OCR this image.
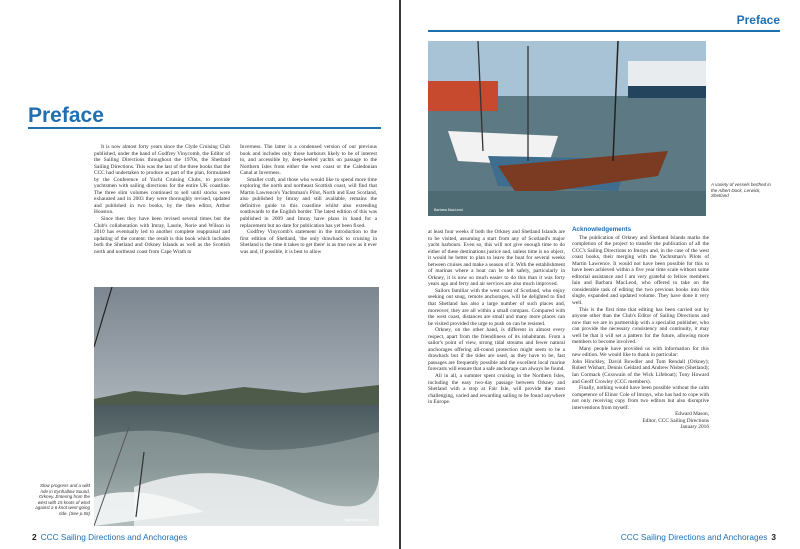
Preface

It is now almost forty years since the Clyde Cruising Club published, under the hand of Godfrey Vinycomb, the Editor of the Sailing Directions throughout the 1970s, the Shetland Sailing Directions. This was the last of the three books that the CCC had undertaken to produce as part of the plan, formulated by the Conference of Yacht Cruising Clubs, to provide yachtsmen with sailing directions for the entire UK coastline. The three slim volumes continued to sell until stocks were exhausted and in 2003 they were thoroughly revised, updated and published in two books, by the then editor, Arthur Houston.

Since then they have been revised several times but the Club's collaboration with Imray, Laurie, Norie and Wilson in 2010 has eventually led to another complete reappraisal and updating of the content: the result is this book which includes both the Shetland and Orkney Islands as well as the Scottish north and northeast coast from Cape Wrath to

Inverness. The latter is a condensed version of our previous book and includes only those harbours likely to be of interest to, and accessible by, deep-keeled yachts on passage to the Northern Isles from either the west coast or the Caledonian Canal at Inverness.

Smaller craft, and those who would like to spend more time exploring the north and northeast Scottish coast, will find that Martin Lawrence's Yachtsman's Pilot, North and East Scotland, also published by Imray and still available, remains the definitive guide to this coastline whilst also extending southwards to the English border. The latest edition of this was published in 2009 and Imray have plans in hand for a replacement but no date for publication has yet been fixed.

Godfrey Vinycomb's statement in the introduction to the first edition of Shetland, 'the only drawback to cruising in Shetland is the time it takes to get there' is as true now as it ever was and, if possible, it is best to allow

Barrie Maxwell
Slow progress and a wild ride in Eynhallow Sound, Orkney. Entering from the west with 15 knots of wind against a 6 knot west-going tide. (See p.56)
2 CCC Sailing Directions and Anchorages
Preface
Barbara MacLeod
A variety of vessels berthed in the Albert Dock, Lerwick, Shetland

at least four weeks if both the Orkney and Shetland Islands are to be visited, assuming a start from any of Scotland's major yacht harbours. Even so, this will not give enough time to do either of these destinations justice and, unless time is no object, it would be better to plan to leave the boat for several weeks between cruises and make a season of it. With the establishment of marinas where a boat can be left safely, particularly in Orkney, it is now so much easier to do this than it was forty years ago and ferry and air services are also much improved.

Sailors familiar with the west coast of Scotland, who enjoy seeking out snug, remote anchorages, will be delighted to find that Shetland has also a large number of such places and, moreover, they are all within a small compass. Compared with the west coast, distances are small and many more places can be visited provided the urge to push on can be resisted.

Orkney, on the other hand, is different in almost every respect, apart from the friendliness of its inhabitants. From a sailor's point of view, strong tidal streams and fewer natural anchorages offering all-round protection might seem to be a drawback but if the tides are used, as they have to be, fast passages are frequently possible and the excellent local marine forecasts will ensure that a safe anchorage can always be found.

All in all, a summer spent cruising in the Northern Isles, including the easy two-day passage between Orkney and Shetland with a stop at Fair Isle, will provide the most challenging, varied and rewarding sailing to be found anywhere in Europe.

Acknowledgements

The publication of Orkney and Shetland Islands marks the completion of the project to transfer the publication of all the CCC's Sailing Directions to Imrays and, in the case of the west coast books, their merging with the Yachtsman's Pilots of Martin Lawrence. It would not have been possible for this to have been achieved within a five year time scale without some editorial assistance and I am very grateful to fellow members Iain and Barbara MacLeod, who offered to take on the considerable task of editing the two previous books into this single, expanded and updated volume. They have done it very well.

This is the first time that editing has been carried out by anyone other than the Club's Editor of Sailing Directions and now that we are in partnership with a specialist publisher, who can provide the necessary consistency and continuity, it may well be that it will set a pattern for the future, allowing more members to become involved.

Many people have provided us with information for this new edition. We would like to thank in particular:

John Hinckley, David Bowdler and Tom Rendall (Orkney); Robert Wishart, Dennis Geldard and Andrew Nisbet (Shetland); Ian Cormack (Coxswain of the Wick Lifeboat); Tony Howard and Geoff Crowley (CCC members).

Finally, nothing would have been possible without the calm competence of Elinor Cole of Imrays, who has had to cope with not only receiving copy from two editors but also disruptive interventions from myself.

Edward Mason,

Editor, CCC Sailing Directions

January 2016

CCC Sailing Directions and Anchorages 3
